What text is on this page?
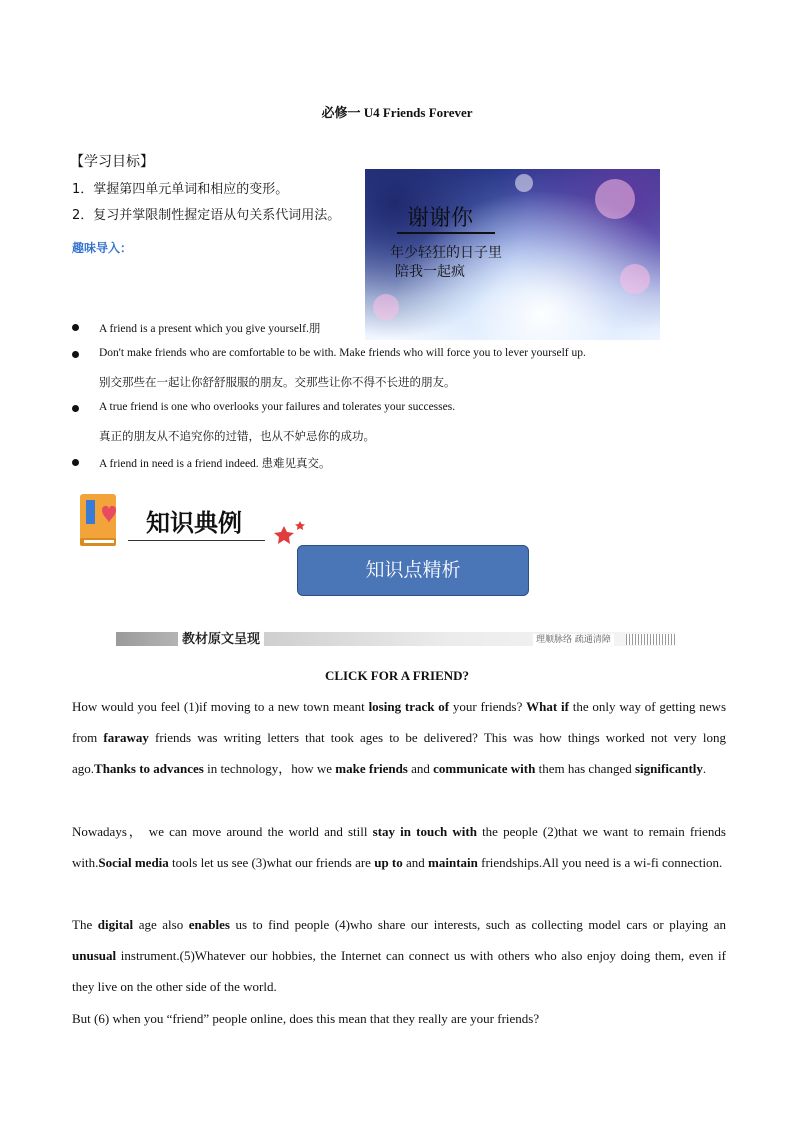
必修一 U4 Friends Forever
【学习目标】
1．掌握第四单元单词和相应的变形。
2．复习并掌限制性握定语从句关系代词用法。
趣味导入：
谢谢你
年少轻狂的日子里
陪我一起疯
A friend is a present which you give yourself.朋
Don't make friends who are comfortable to be with. Make friends who will force you to lever yourself up.
别交那些在一起让你舒舒服服的朋友。交那些让你不得不长进的朋友。
A true friend is one who overlooks your failures and tolerates your successes.
真正的朋友从不追究你的过错，也从不妒忌你的成功。
A friend in need is a friend indeed. 患难见真交。
知识典例
知识点精析
教材原文呈现	理顺脉络 疏通清障
CLICK FOR A FRIEND?
How would you feel (1)if moving to a new town meant losing track of your friends? What if the only way of getting news from faraway friends was writing letters that took ages to be delivered? This was how things worked not very long ago.Thanks to advances in technology，how we make friends and communicate with them has changed significantly.
Nowadays， we can move around the world and still stay in touch with the people (2)that we want to remain friends with.Social media tools let us see (3)what our friends are up to and maintain friendships.All you need is a wi-fi connection.
The digital age also enables us to find people (4)who share our interests, such as collecting model cars or playing an unusual instrument.(5)Whatever our hobbies, the Internet can connect us with others who also enjoy doing them, even if they live on the other side of the world.
But (6) when you “friend” people online, does this mean that they really are your friends?
